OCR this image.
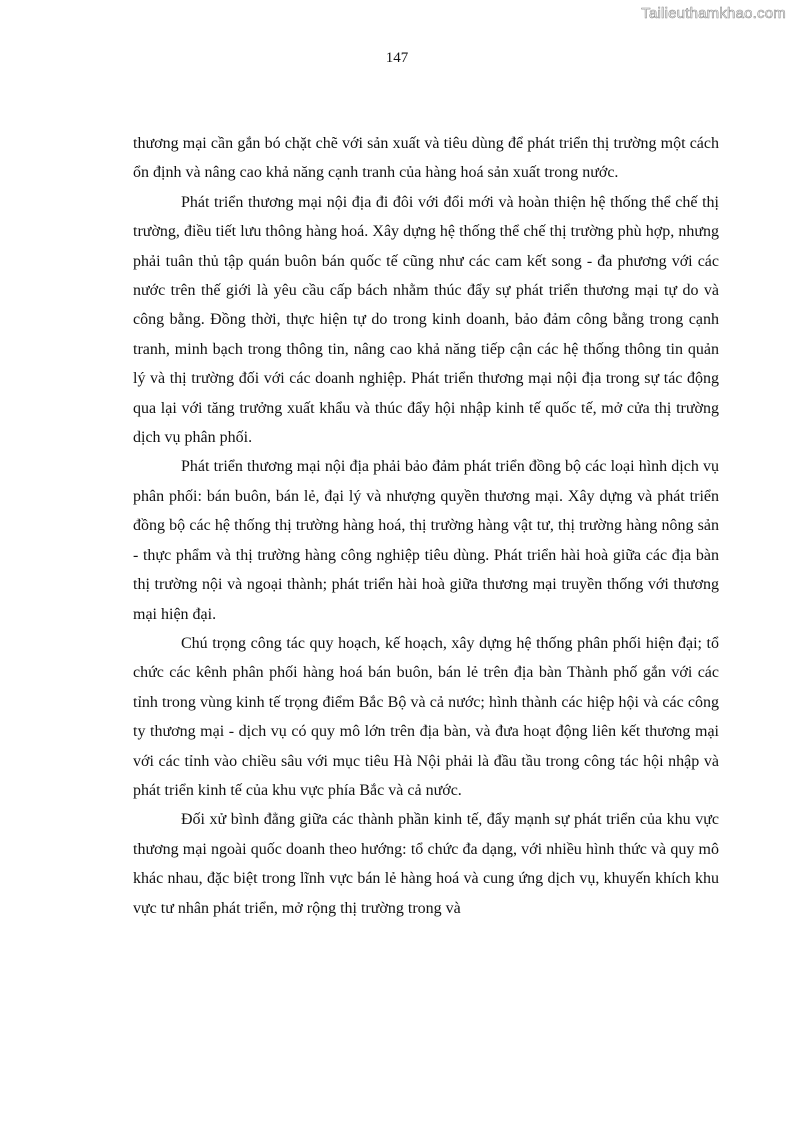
Tailieuthamkhao.com
147

thương mại cần gắn bó chặt chẽ với sản xuất và tiêu dùng để phát triển thị trường một cách ổn định và nâng cao khả năng cạnh tranh của hàng hoá sản xuất trong nước.

Phát triển thương mại nội địa đi đôi với đổi mới và hoàn thiện hệ thống thể chế thị trường, điều tiết lưu thông hàng hoá. Xây dựng hệ thống thể chế thị trường phù hợp, nhưng phải tuân thủ tập quán buôn bán quốc tế cũng như các cam kết song - đa phương với các nước trên thế giới là yêu cầu cấp bách nhằm thúc đẩy sự phát triển thương mại tự do và công bằng. Đồng thời, thực hiện tự do trong kinh doanh, bảo đảm công bằng trong cạnh tranh, minh bạch trong thông tin, nâng cao khả năng tiếp cận các hệ thống thông tin quản lý và thị trường đối với các doanh nghiệp. Phát triển thương mại nội địa trong sự tác động qua lại với tăng trưởng xuất khẩu và thúc đẩy hội nhập kinh tế quốc tế, mở cửa thị trường dịch vụ phân phối.

Phát triển thương mại nội địa phải bảo đảm phát triển đồng bộ các loại hình dịch vụ phân phối: bán buôn, bán lẻ, đại lý và nhượng quyền thương mại. Xây dựng và phát triển đồng bộ các hệ thống thị trường hàng hoá, thị trường hàng vật tư, thị trường hàng nông sản - thực phẩm và thị trường hàng công nghiệp tiêu dùng. Phát triển hài hoà giữa các địa bàn thị trường nội và ngoại thành; phát triển hài hoà giữa thương mại truyền thống với thương mại hiện đại.

Chú trọng công tác quy hoạch, kế hoạch, xây dựng hệ thống phân phối hiện đại; tổ chức các kênh phân phối hàng hoá bán buôn, bán lẻ trên địa bàn Thành phố gắn với các tỉnh trong vùng kinh tế trọng điểm Bắc Bộ và cả nước; hình thành các hiệp hội và các công ty thương mại - dịch vụ có quy mô lớn trên địa bàn, và đưa hoạt động liên kết thương mại với các tỉnh vào chiều sâu với mục tiêu Hà Nội phải là đầu tầu trong công tác hội nhập và phát triển kinh tế của khu vực phía Bắc và cả nước.

Đối xử bình đẳng giữa các thành phần kinh tế, đẩy mạnh sự phát triển của khu vực thương mại ngoài quốc doanh theo hướng: tổ chức đa dạng, với nhiều hình thức và quy mô khác nhau, đặc biệt trong lĩnh vực bán lẻ hàng hoá và cung ứng dịch vụ, khuyến khích khu vực tư nhân phát triển, mở rộng thị trường trong và
